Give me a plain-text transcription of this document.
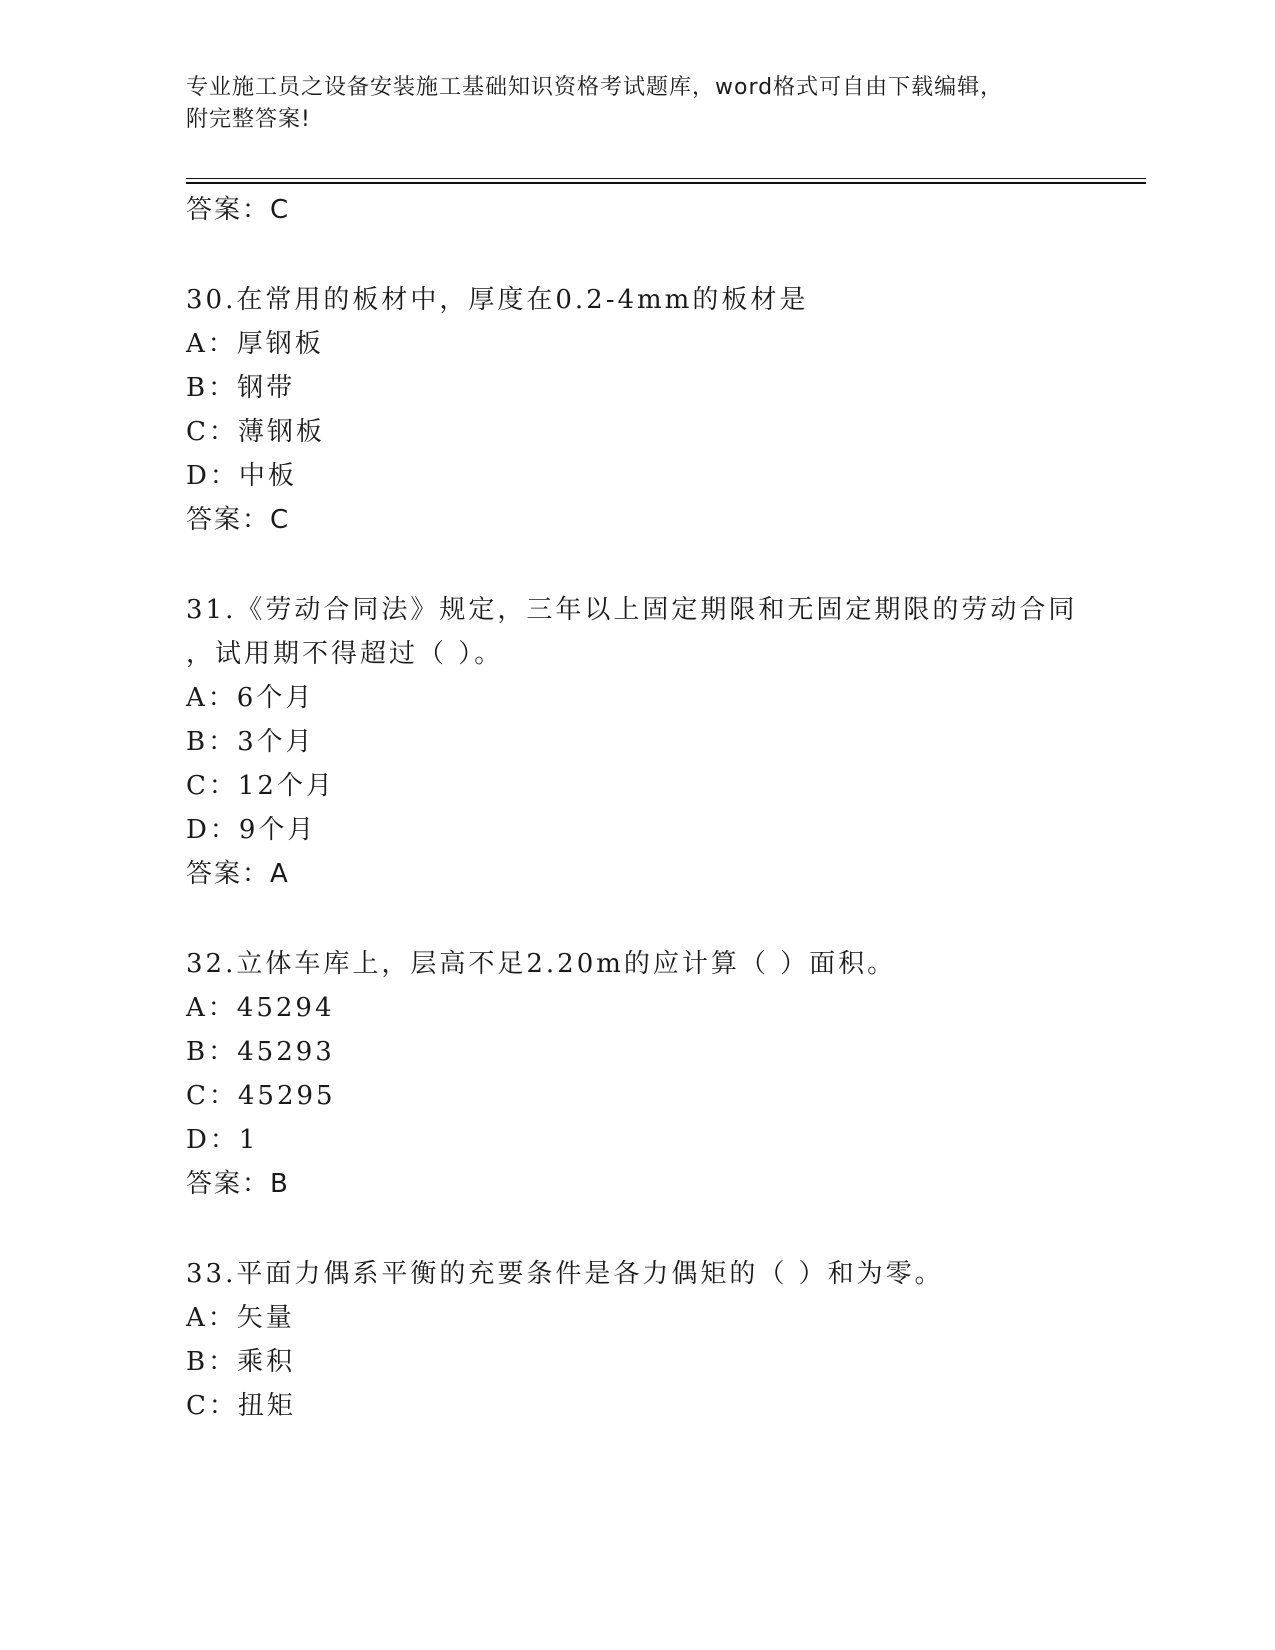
专业施工员之设备安装施工基础知识资格考试题库，word格式可自由下载编辑，
附完整答案!
答案：C
30.在常用的板材中，厚度在0.2-4mm的板材是
A：厚钢板
B：钢带
C：薄钢板
D：中板
答案：C
31.《劳动合同法》规定，三年以上固定期限和无固定期限的劳动合同
，试用期不得超过（ ）。
A：6个月
B：3个月
C：12个月
D：9个月
答案：A
32.立体车库上，层高不足2.20m的应计算（ ）面积。
A：45294
B：45293
C：45295
D：1
答案：B
33.平面力偶系平衡的充要条件是各力偶矩的（ ）和为零。
A：矢量
B：乘积
C：扭矩
